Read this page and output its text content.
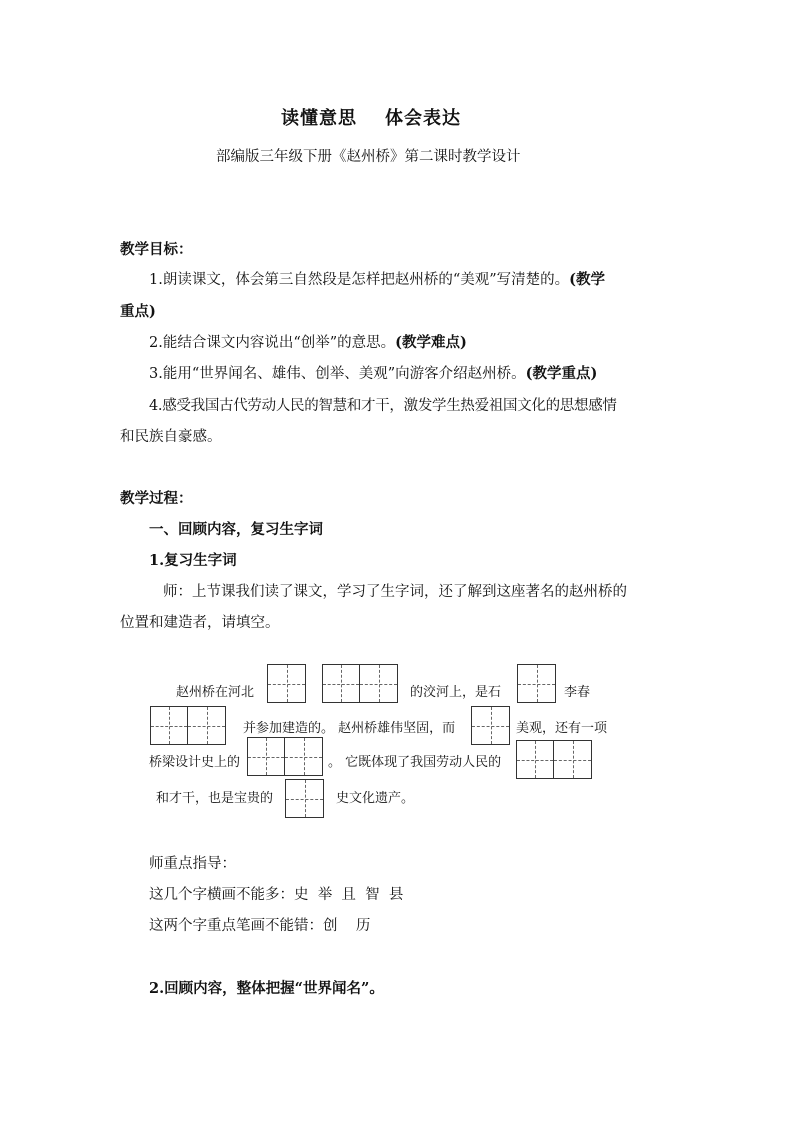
读懂意思 体会表达
部编版三年级下册《赵州桥》第二课时教学设计
教学目标：
1.朗读课文，体会第三自然段是怎样把赵州桥的“美观”写清楚的。(教学
重点)
2.能结合课文内容说出“创举”的意思。(教学难点)
3.能用“世界闻名、雄伟、创举、美观”向游客介绍赵州桥。(教学重点)
4.感受我国古代劳动人民的智慧和才干，激发学生热爱祖国文化的思想感情
和民族自豪感。
教学过程：
一、回顾内容，复习生字词
1.复习生字词
师：上节课我们读了课文，学习了生字词，还了解到这座著名的赵州桥的
位置和建造者，请填空。
赵州桥在河北	的洨河上，是石	李春
并参加建造的。 赵州桥雄伟坚固，而	美观，还有一项
桥梁设计史上的	。 它既体现了我国劳动人民的
和才干，也是宝贵的	史文化遗产。
师重点指导：
这几个字横画不能多：史  举  且  智  县
这两个字重点笔画不能错：创    历
2.回顾内容，整体把握“世界闻名”。
